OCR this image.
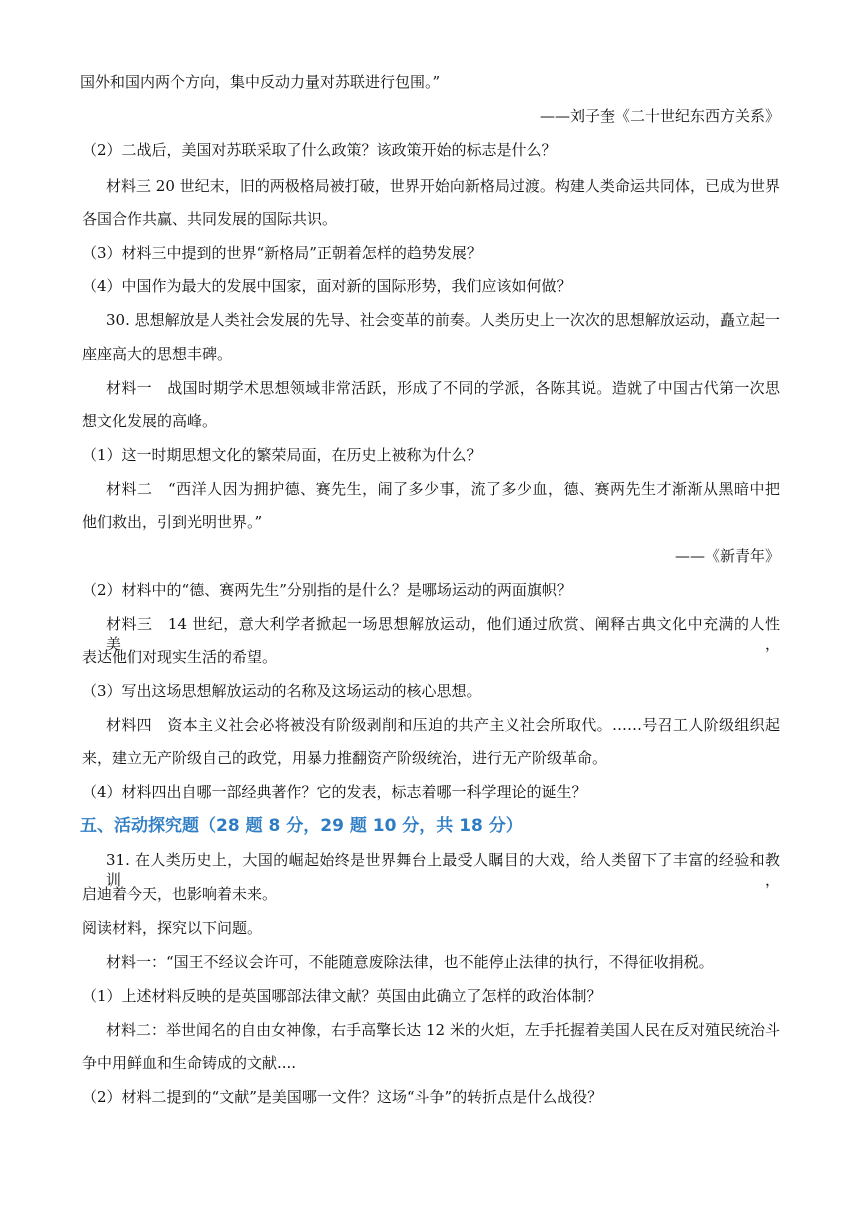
国外和国内两个方向，集中反动力量对苏联进行包围。”
——刘子奎《二十世纪东西方关系》
（2）二战后，美国对苏联采取了什么政策？该政策开始的标志是什么？
材料三 20 世纪末，旧的两极格局被打破，世界开始向新格局过渡。构建人类命运共同体，已成为世界
各国合作共赢、共同发展的国际共识。
（3）材料三中提到的世界“新格局”正朝着怎样的趋势发展？
（4）中国作为最大的发展中国家，面对新的国际形势，我们应该如何做？
30. 思想解放是人类社会发展的先导、社会变革的前奏。人类历史上一次次的思想解放运动，矗立起一
座座高大的思想丰碑。
材料一　战国时期学术思想领域非常活跃，形成了不同的学派，各陈其说。造就了中国古代第一次思
想文化发展的高峰。
（1）这一时期思想文化的繁荣局面，在历史上被称为什么？
材料二　“西洋人因为拥护德、赛先生，闹了多少事，流了多少血，德、赛两先生才渐渐从黑暗中把
他们救出，引到光明世界。”
——《新青年》
（2）材料中的“德、赛两先生”分别指的是什么？是哪场运动的两面旗帜？
材料三　14 世纪，意大利学者掀起一场思想解放运动，他们通过欣赏、阐释古典文化中充满的人性美，
表达他们对现实生活的希望。
（3）写出这场思想解放运动的名称及这场运动的核心思想。
材料四　资本主义社会必将被没有阶级剥削和压迫的共产主义社会所取代。……号召工人阶级组织起
来，建立无产阶级自己的政党，用暴力推翻资产阶级统治，进行无产阶级革命。
（4）材料四出自哪一部经典著作？它的发表，标志着哪一科学理论的诞生？
五、活动探究题（28 题 8 分，29 题 10 分，共 18 分）
31. 在人类历史上，大国的崛起始终是世界舞台上最受人瞩目的大戏，给人类留下了丰富的经验和教训，
启迪着今天，也影响着未来。
阅读材料，探究以下问题。
材料一：“国王不经议会许可，不能随意废除法律，也不能停止法律的执行，不得征收捐税。
（1）上述材料反映的是英国哪部法律文献？英国由此确立了怎样的政治体制？
材料二：举世闻名的自由女神像，右手高擎长达 12 米的火炬，左手托握着美国人民在反对殖民统治斗
争中用鲜血和生命铸成的文献....
（2）材料二提到的“文献”是美国哪一文件？这场“斗争”的转折点是什么战役？
